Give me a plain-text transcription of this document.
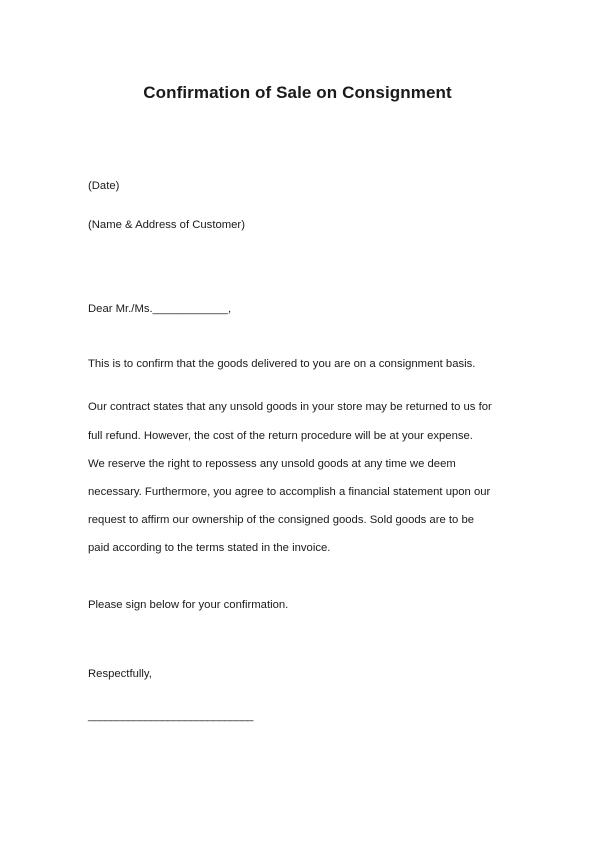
Confirmation of Sale on Consignment

(Date)

(Name & Address of Customer)

Dear Mr./Ms.____________,

This is to confirm that the goods delivered to you are on a consignment basis.

Our contract states that any unsold goods in your store may be returned to us for

full refund. However, the cost of the return procedure will be at your expense.

We reserve the right to repossess any unsold goods at any time we deem

necessary. Furthermore, you agree to accomplish a financial statement upon our

request to affirm our ownership of the consigned goods. Sold goods are to be

paid according to the terms stated in the invoice.

Please sign below for your confirmation.

Respectfully,

_____________________________
